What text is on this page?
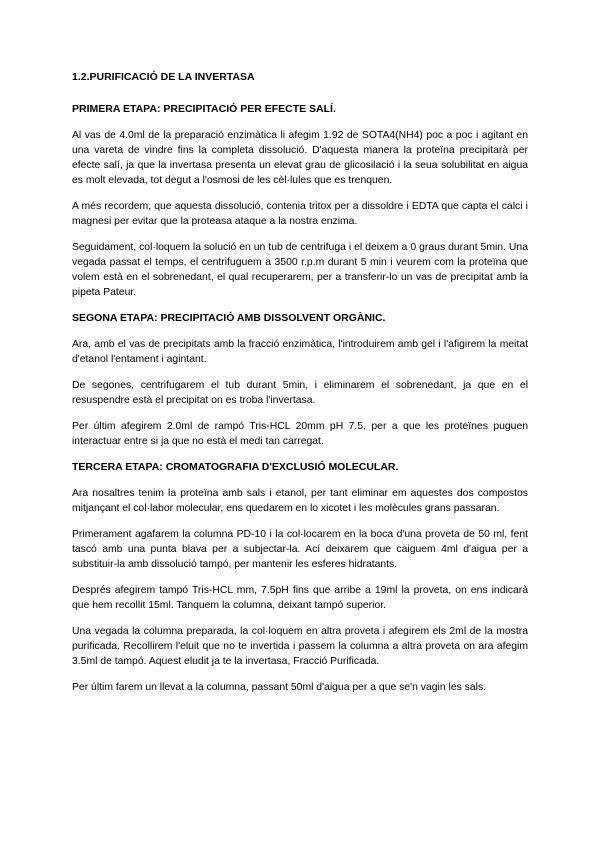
1.2.PURIFICACIÓ DE LA INVERTASA
PRIMERA ETAPA: PRECIPITACIÓ PER EFECTE SALÍ.

Al vas de 4.0ml de la preparació enzimàtica li afegim 1.92 de SOTA4(NH4) poc a poc i agitant en una vareta de vindre fins la completa dissolució. D'aquesta manera la proteïna precipitarà per efecte salí, ja que la invertasa presenta un elevat grau de glicosilació i la seua solubilitat en aigua es molt elevada, tot degut a l'osmosi de les cèl·lules que es trenquen.

A més recordem, que aquesta dissolució, contenia tritox per a dissoldre i EDTA que capta el calci i magnesi per evitar que la proteasa ataque a la nostra enzima.

Seguidament, col·loquem la solució en un tub de centrifuga i el deixem a 0 graus durant 5min. Una vegada passat el temps, el centrifuguem a 3500 r.p.m durant 5 min i veurem com la proteïna que volem està en el sobrenedant, el qual recuperarem, per a transferir-lo un vas de precipitat amb la pipeta Pateur.

SEGONA ETAPA: PRECIPITACIÓ AMB DISSOLVENT ORGÀNIC.

Ara, amb el vas de precipitats amb la fracció enzimàtica, l'introduirem amb gel i l'afigirem la meitat d'etanol l'entament i agintant.

De segones, centrifugarem el tub durant 5min, i eliminarem el sobrenedant, ja que en el resuspendre està el precipitat on es troba l'invertasa.

Per últim afegirem 2.0ml de rampó Tris-HCL 20mm pH 7.5, per a que les proteïnes puguen interactuar entre si ja que no està el medi tan carregat.

TERCERA ETAPA: CROMATOGRAFIA D'EXCLUSIÓ MOLECULAR.

Ara nosaltres tenim la proteïna amb sals i etanol, per tant eliminar em aquestes dos compostos mitjançant el col·labor molecular, ens quedarem en lo xicotet i les molècules grans passaran.

Primerament agafarem la columna PD-10 i la col·locarem en la boca d'una proveta de 50 ml, fent tascó amb una punta blava per a subjectar-la. Ací deixarem que caiguem 4ml d'aigua per a substituir-la amb dissolució tampó, per mantenir les esferes hidratants.

Després afegirem tampó Tris-HCL mm, 7.5pH fins que arribe a 19ml la proveta, on ens indicarà que hem recollit 15ml. Tanquem la columna, deixant tampó superior.

Una vegada la columna preparada, la col·loquem en altra proveta i afegirem els 2ml de la mostra purificada. Recollirem l'eluit que no te invertida i passem la columna a altra proveta on ara afegim 3.5ml de tampó. Aquest eludit ja te la invertasa, Fracció Purificada.

Per últim farem un llevat a la columna, passant 50ml d'aigua per a que se'n vagin les sals.
